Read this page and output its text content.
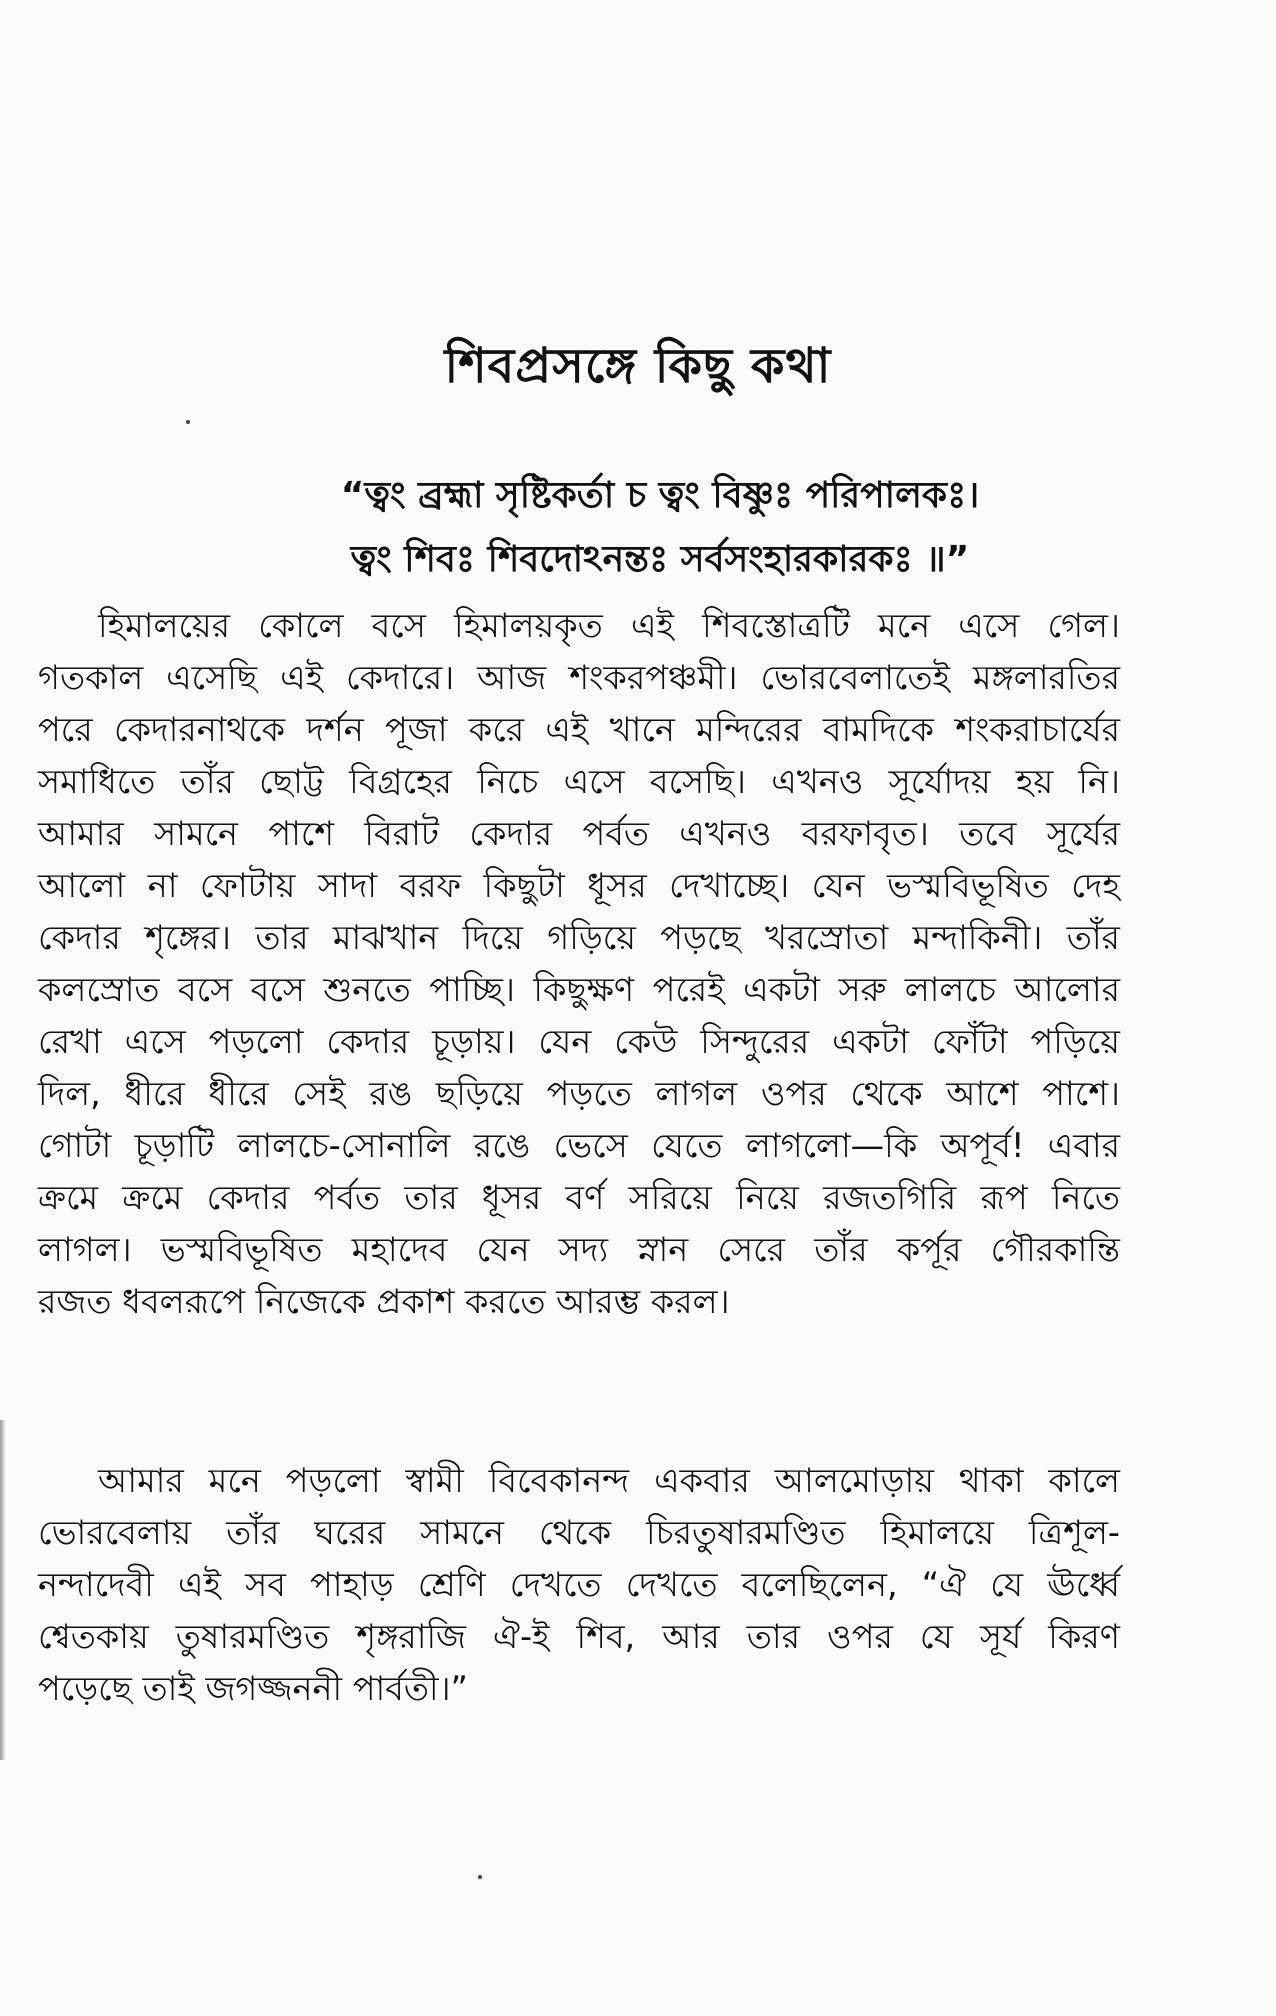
শিবপ্রসঙ্গে কিছু কথা
“ত্বং ব্রহ্মা সৃষ্টিকর্তা চ ত্বং বিষ্ণুঃ পরিপালকঃ।
ত্বং শিবঃ শিবদোঽনন্তঃ সর্বসংহারকারকঃ ॥”
হিমালয়ের কোলে বসে হিমালয়কৃত এই শিবস্তোত্রটি মনে এসে গেল।
গতকাল এসেছি এই কেদারে। আজ শংকরপঞ্চমী। ভোরবেলাতেই মঙ্গলারতির
পরে কেদারনাথকে দর্শন পূজা করে এই খানে মন্দিরের বামদিকে শংকরাচার্যের
সমাধিতে তাঁর ছোট্ট বিগ্রহের নিচে এসে বসেছি। এখনও সূর্যোদয় হয় নি।
আমার সামনে পাশে বিরাট কেদার পর্বত এখনও বরফাবৃত। তবে সূর্যের
আলো না ফোটায় সাদা বরফ কিছুটা ধূসর দেখাচ্ছে। যেন ভস্মবিভূষিত দেহ
কেদার শৃঙ্গের। তার মাঝখান দিয়ে গড়িয়ে পড়ছে খরস্রোতা মন্দাকিনী। তাঁর
কলস্রোত বসে বসে শুনতে পাচ্ছি। কিছুক্ষণ পরেই একটা সরু লালচে আলোর
রেখা এসে পড়লো কেদার চূড়ায়। যেন কেউ সিন্দুরের একটা ফোঁটা পড়িয়ে
দিল, ধীরে ধীরে সেই রঙ ছড়িয়ে পড়তে লাগল ওপর থেকে আশে পাশে।
গোটা চূড়াটি লালচে-সোনালি রঙে ভেসে যেতে লাগলো—কি অপূর্ব! এবার
ক্রমে ক্রমে কেদার পর্বত তার ধূসর বর্ণ সরিয়ে নিয়ে রজতগিরি রূপ নিতে
লাগল। ভস্মবিভূষিত মহাদেব যেন সদ্য স্নান সেরে তাঁর কর্পূর গৌরকান্তি
রজত ধবলরূপে নিজেকে প্রকাশ করতে আরম্ভ করল।
আমার মনে পড়লো স্বামী বিবেকানন্দ একবার আলমোড়ায় থাকা কালে
ভোরবেলায় তাঁর ঘরের সামনে থেকে চিরতুষারমণ্ডিত হিমালয়ে ত্রিশূল-
নন্দাদেবী এই সব পাহাড় শ্রেণি দেখতে দেখতে বলেছিলেন, “ঐ যে ঊর্ধ্বে
শ্বেতকায় তুষারমণ্ডিত শৃঙ্গরাজি ঐ-ই শিব, আর তার ওপর যে সূর্য কিরণ
পড়েছে তাই জগজ্জননী পার্বতী।”
